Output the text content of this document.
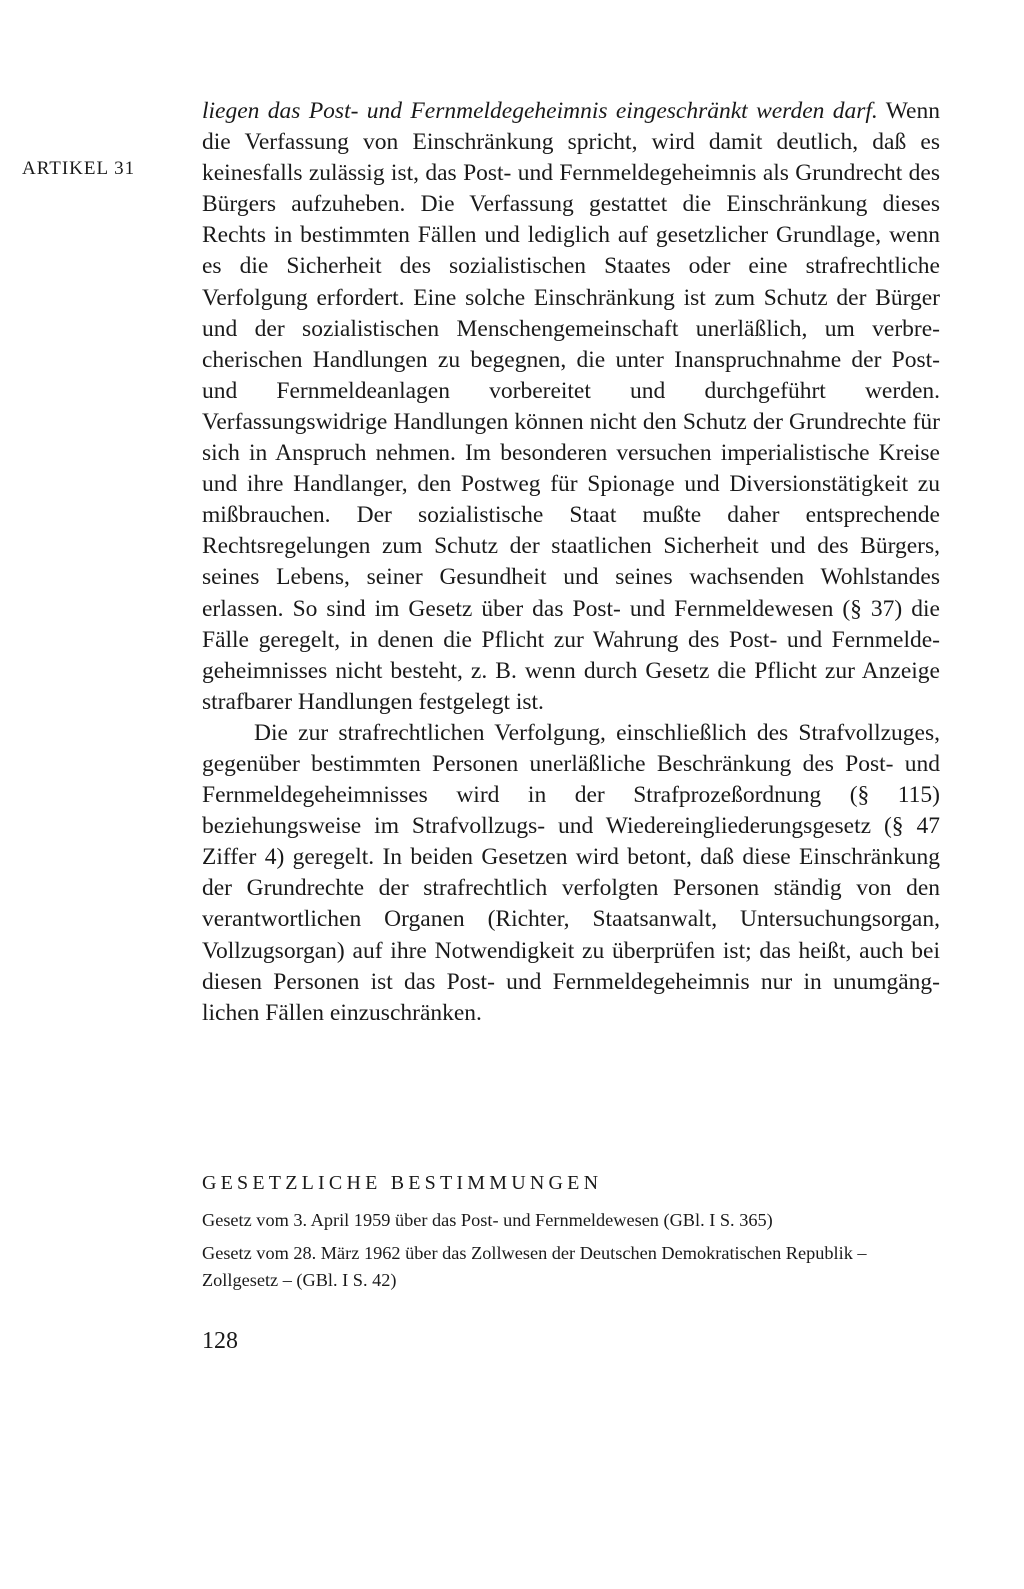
ARTIKEL 31

liegen das Post- und Fernmeldegeheimnis eingeschränkt werden darf. Wenn die Verfassung von Einschränkung spricht, wird damit deutlich, daß es keinesfalls zulässig ist, das Post- und Fernmeldegeheimnis als Grundrecht des Bürgers aufzuheben. Die Verfassung gestattet die Einschränkung dieses Rechts in bestimmten Fällen und lediglich auf gesetzlicher Grundlage, wenn es die Sicherheit des sozialistischen Staates oder eine strafrechtliche Verfolgung erfordert. Eine solche Einschränkung ist zum Schutz der Bürger und der sozialistischen Menschengemeinschaft unerläßlich, um verbrecherischen Handlungen zu begegnen, die unter Inanspruchnahme der Post- und Fernmeldeanlagen vorbereitet und durchgeführt werden. Verfassungswidrige Handlungen können nicht den Schutz der Grundrechte für sich in Anspruch nehmen. Im besonderen versuchen imperialistische Kreise und ihre Handlanger, den Postweg für Spionage und Diversionstätigkeit zu mißbrauchen. Der sozialistische Staat mußte daher entsprechende Rechtsregelungen zum Schutz der staatlichen Sicherheit und des Bürgers, seines Lebens, seiner Gesundheit und seines wachsenden Wohlstandes erlassen. So sind im Gesetz über das Post- und Fernmeldewesen (§ 37) die Fälle geregelt, in denen die Pflicht zur Wahrung des Post- und Fernmeldegeheimnisses nicht besteht, z. B. wenn durch Gesetz die Pflicht zur Anzeige strafbarer Handlungen festgelegt ist.

Die zur strafrechtlichen Verfolgung, einschließlich des Strafvollzuges, gegenüber bestimmten Personen unerläßliche Beschränkung des Post- und Fernmeldegeheimnisses wird in der Strafprozeßordnung (§ 115) beziehungsweise im Strafvollzugs- und Wiedereingliederungsgesetz (§ 47 Ziffer 4) geregelt. In beiden Gesetzen wird betont, daß diese Einschränkung der Grundrechte der strafrechtlich verfolgten Personen ständig von den verantwortlichen Organen (Richter, Staatsanwalt, Untersuchungsorgan, Vollzugsorgan) auf ihre Notwendigkeit zu überprüfen ist; das heißt, auch bei diesen Personen ist das Post- und Fernmeldegeheimnis nur in unumgänglichen Fällen einzuschränken.

GESETZLICHE BESTIMMUNGEN
Gesetz vom 3. April 1959 über das Post- und Fernmeldewesen (GBl. I S. 365)
Gesetz vom 28. März 1962 über das Zollwesen der Deutschen Demokratischen Republik – Zollgesetz – (GBl. I S. 42)
128
